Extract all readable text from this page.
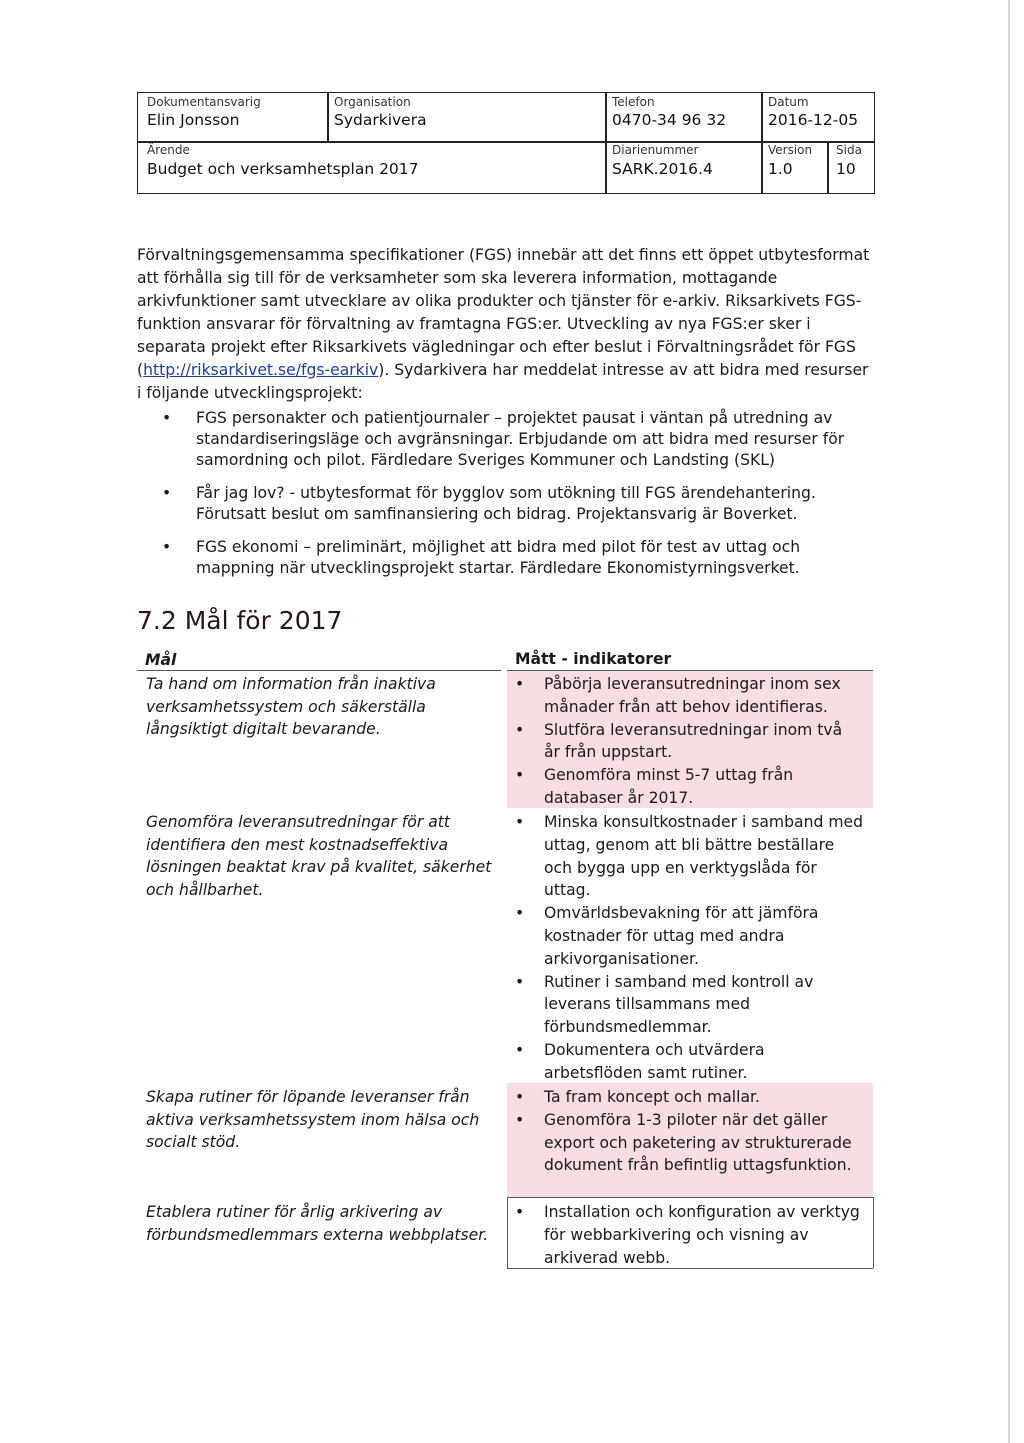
Dokumentansvarig
Elin Jonsson
Organisation
Sydarkivera
Telefon
0470-34 96 32
Datum
2016-12-05
Ärende
Budget och verksamhetsplan 2017
Diarienummer
SARK.2016.4
Version
1.0
Sida
10

Förvaltningsgemensamma specifikationer (FGS) innebär att det finns ett öppet utbytesformat att förhålla sig till för de verksamheter som ska leverera information, mottagande arkivfunktioner samt utvecklare av olika produkter och tjänster för e-arkiv. Riksarkivets FGS-funktion ansvarar för förvaltning av framtagna FGS:er. Utveckling av nya FGS:er sker i separata projekt efter Riksarkivets vägledningar och efter beslut i Förvaltningsrådet för FGS (http://riksarkivet.se/fgs-earkiv). Sydarkivera har meddelat intresse av att bidra med resurser i följande utvecklingsprojekt:

• FGS personakter och patientjournaler – projektet pausat i väntan på utredning av standardiseringsläge och avgränsningar. Erbjudande om att bidra med resurser för samordning och pilot. Färdledare Sveriges Kommuner och Landsting (SKL)
• Får jag lov? - utbytesformat för bygglov som utökning till FGS ärendehantering. Förutsatt beslut om samfinansiering och bidrag. Projektansvarig är Boverket.
• FGS ekonomi – preliminärt, möjlighet att bidra med pilot för test av uttag och mappning när utvecklingsprojekt startar. Färdledare Ekonomistyrningsverket.
7.2 Mål för 2017
Mål	Mått - indikatorer
Ta hand om information från inaktiva verksamhetssystem och säkerställa långsiktigt digitalt bevarande.
• Påbörja leveransutredningar inom sex månader från att behov identifieras.
• Slutföra leveransutredningar inom två år från uppstart.
• Genomföra minst 5-7 uttag från databaser år 2017.
Genomföra leveransutredningar för att identifiera den mest kostnadseffektiva lösningen beaktat krav på kvalitet, säkerhet och hållbarhet.
• Minska konsultkostnader i samband med uttag, genom att bli bättre beställare och bygga upp en verktygslåda för uttag.
• Omvärldsbevakning för att jämföra kostnader för uttag med andra arkivorganisationer.
• Rutiner i samband med kontroll av leverans tillsammans med förbundsmedlemmar.
• Dokumentera och utvärdera arbetsflöden samt rutiner.
Skapa rutiner för löpande leveranser från aktiva verksamhetssystem inom hälsa och socialt stöd.
• Ta fram koncept och mallar.
• Genomföra 1-3 piloter när det gäller export och paketering av strukturerade dokument från befintlig uttagsfunktion.
Etablera rutiner för årlig arkivering av förbundsmedlemmars externa webbplatser.
• Installation och konfiguration av verktyg för webbarkivering och visning av arkiverad webb.
